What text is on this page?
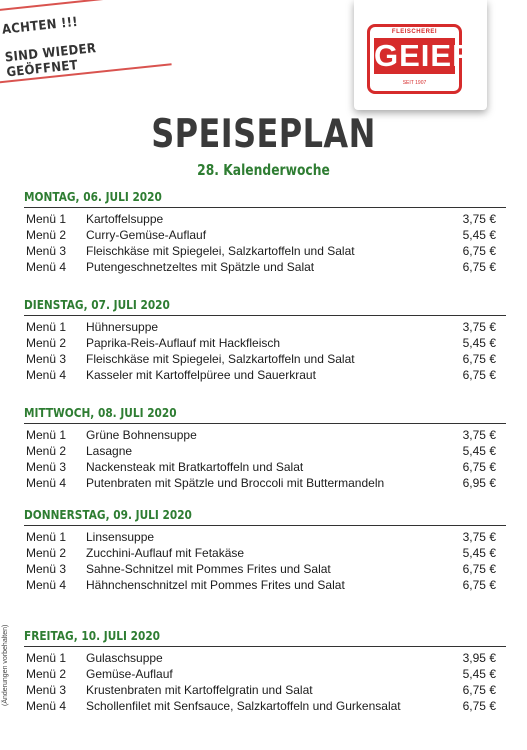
ACHTEN !!!
SIND WIEDER GEÖFFNET
FLEISCHEREI
GEIER
SEIT 1907
SPEISEPLAN
28. Kalenderwoche
MONTAG, 06. JULI 2020
Menü 1 Kartoffelsuppe	3,75 €
Menü 2 Curry-Gemüse-Auflauf	5,45 €
Menü 3 Fleischkäse mit Spiegelei, Salzkartoffeln und Salat	6,75 €
Menü 4 Putengeschnetzeltes mit Spätzle und Salat	6,75 €
DIENSTAG, 07. JULI 2020
Menü 1 Hühnersuppe	3,75 €
Menü 2 Paprika-Reis-Auflauf mit Hackfleisch	5,45 €
Menü 3 Fleischkäse mit Spiegelei, Salzkartoffeln und Salat	6,75 €
Menü 4 Kasseler mit Kartoffelpüree und Sauerkraut	6,75 €
MITTWOCH, 08. JULI 2020
Menü 1 Grüne Bohnensuppe	3,75 €
Menü 2 Lasagne	5,45 €
Menü 3 Nackensteak mit Bratkartoffeln und Salat	6,75 €
Menü 4 Putenbraten mit Spätzle und Broccoli mit Buttermandeln	6,95 €
DONNERSTAG, 09. JULI 2020
Menü 1 Linsensuppe	3,75 €
Menü 2 Zucchini-Auflauf mit Fetakäse	5,45 €
Menü 3 Sahne-Schnitzel mit Pommes Frites und Salat	6,75 €
Menü 4 Hähnchenschnitzel mit Pommes Frites und Salat	6,75 €
FREITAG, 10. JULI 2020
Menü 1 Gulaschsuppe	3,95 €
Menü 2 Gemüse-Auflauf	5,45 €
Menü 3 Krustenbraten mit Kartoffelgratin und Salat	6,75 €
Menü 4 Schollenfilet mit Senfsauce, Salzkartoffeln und Gurkensalat	6,75 €
(Änderungen vorbehalten)
